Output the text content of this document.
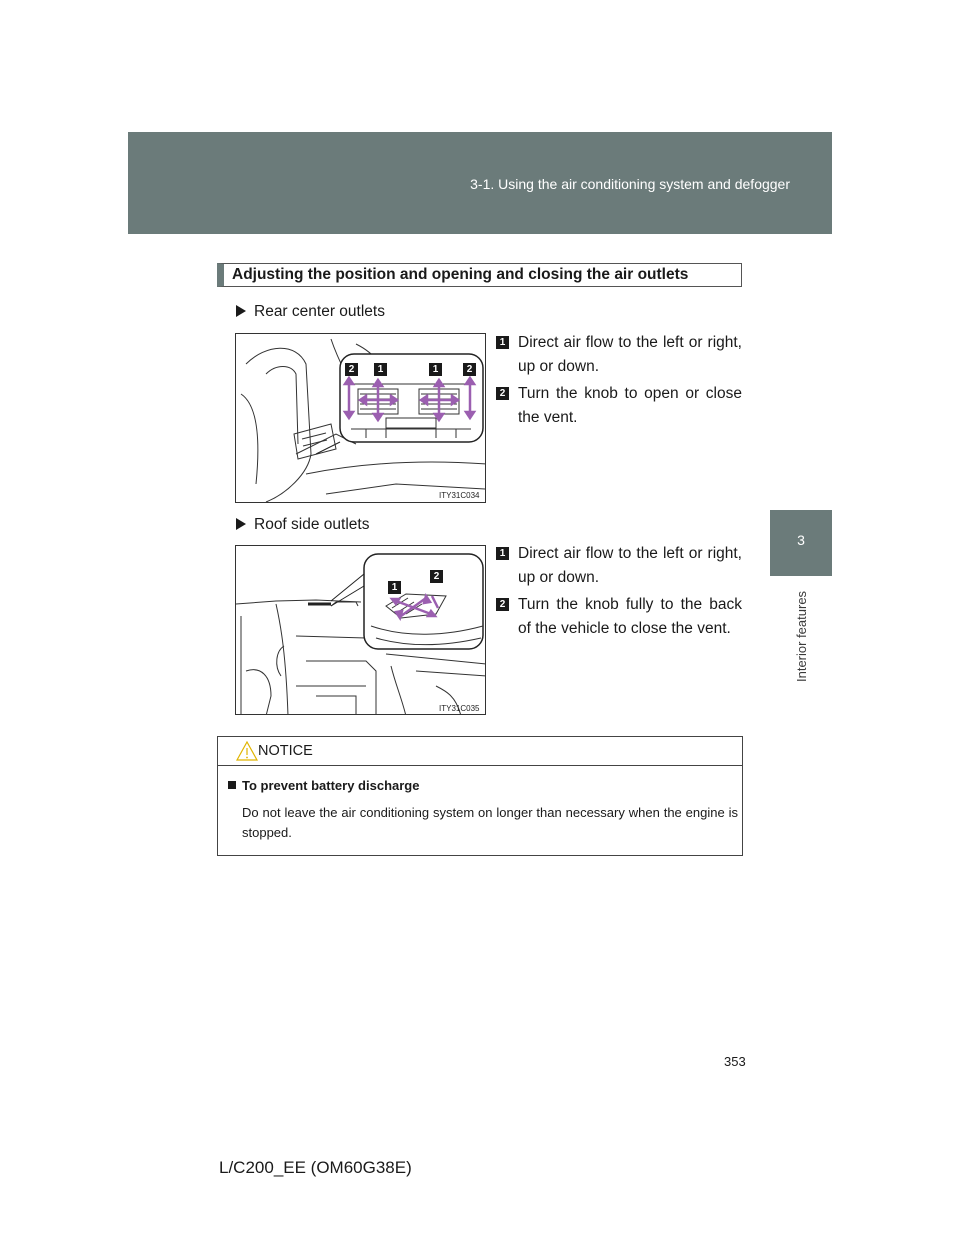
3-1. Using the air conditioning system and defogger
3
Interior features
Adjusting the position and opening and closing the air outlets
Rear center outlets
2	1	1	2
ITY31C034
1 Direct air flow to the left or right, up or down.
2 Turn the knob to open or close the vent.
Roof side outlets
1
2
ITY31C035
1 Direct air flow to the left or right, up or down.
2 Turn the knob fully to the back of the vehicle to close the vent.
NOTICE
To prevent battery discharge
Do not leave the air conditioning system on longer than necessary when the engine is stopped.
353
L/C200_EE (OM60G38E)
